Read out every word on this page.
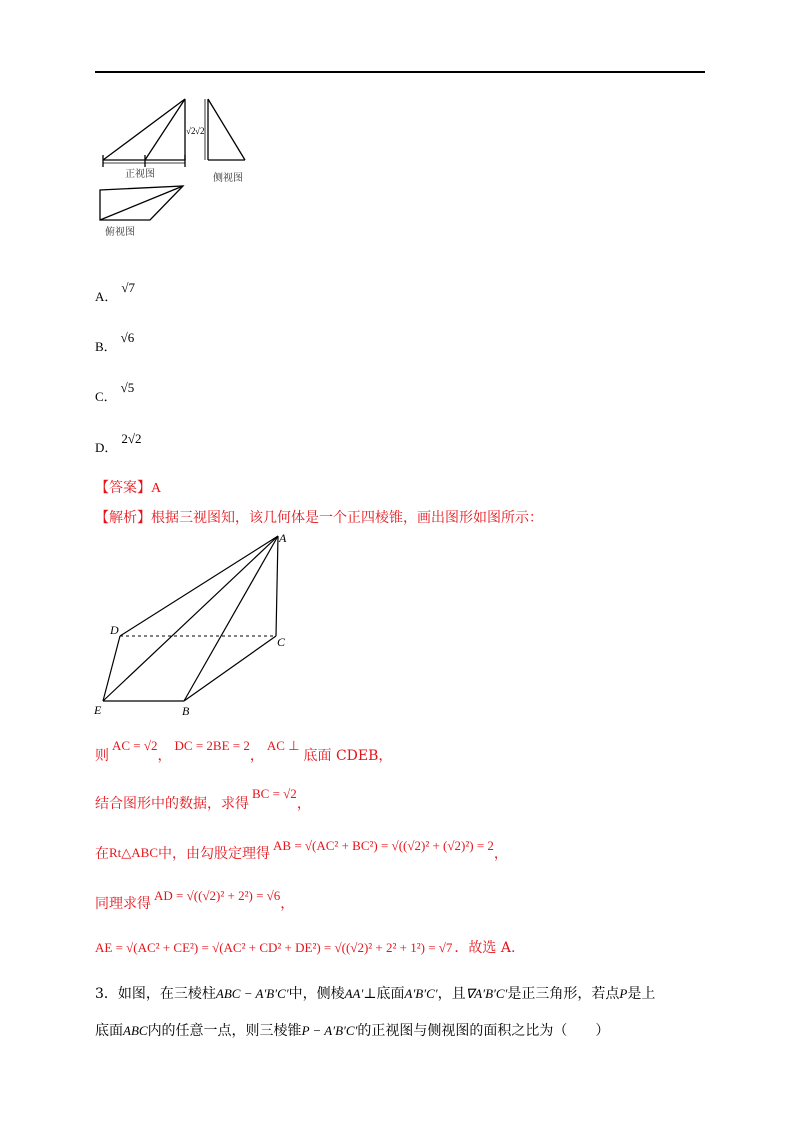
√2 √2
正视图	侧视图
俯视图
A．√7
B．√6
C．√5
D．2√2
【答案】A
【解析】根据三视图知，该几何体是一个正四棱锥，画出图形如图所示：
A
D
C
E	B
则AC = √2，DC = 2BE = 2，AC ⊥底面 CDEB，
结合图形中的数据，求得BC = √2，
在Rt△ABC中，由勾股定理得AB = √(AC² + BC²) = √((√2)² + (√2)²) = 2，
同理求得AD = √((√2)² + 2²) = √6，
AE = √(AC² + CE²) = √(AC² + CD² + DE²) = √((√2)² + 2² + 1²) = √7 ．故选 A.
3．如图，在三棱柱ABC − A′B′C′中，侧棱AA′⊥底面A′B′C′，且∇A′B′C′是正三角形，若点P是上
底面ABC内的任意一点，则三棱锥P − A′B′C′的正视图与侧视图的面积之比为（　　）
